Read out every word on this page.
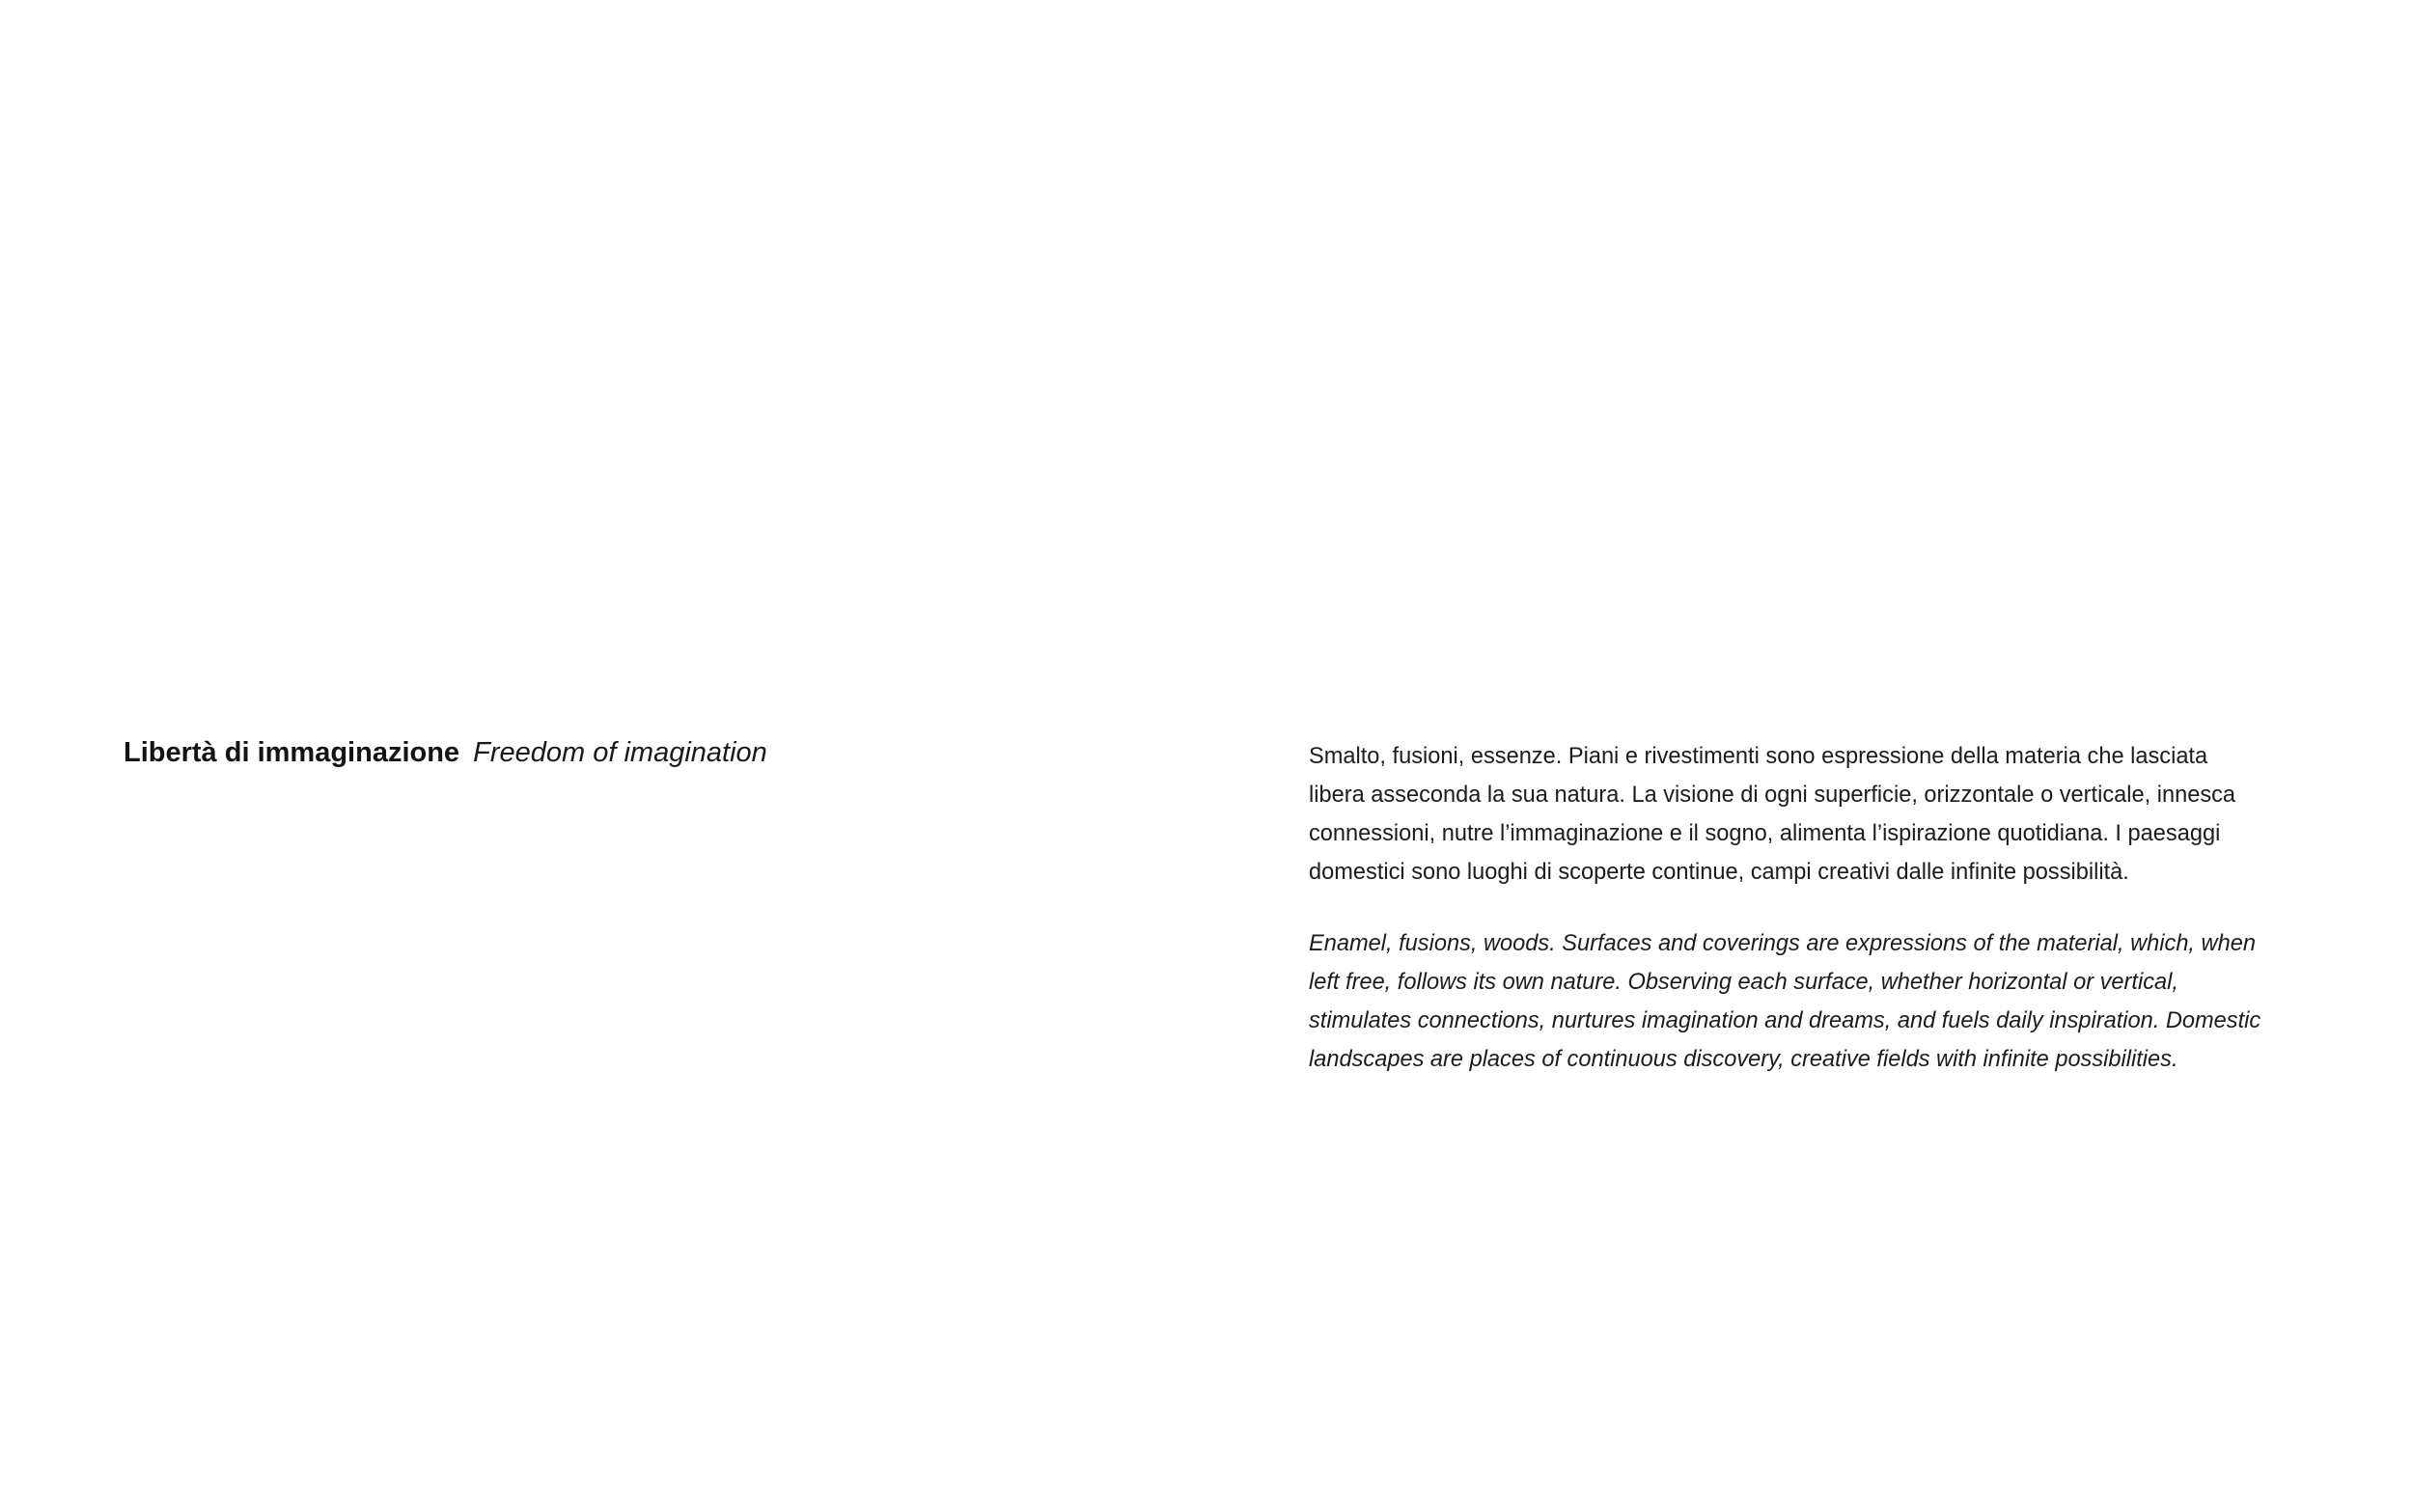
Libertà di immaginazione Freedom of imagination	Smalto, fusioni, essenze. Piani e rivestimenti sono espressione della materia che lasciata libera asseconda la sua natura. La visione di ogni superficie, orizzontale o verticale, innesca connessioni, nutre l’immaginazione e il sogno, alimenta l’ispirazione quotidiana. I paesaggi domestici sono luoghi di scoperte continue, campi creativi dalle infinite possibilità.

Enamel, fusions, woods. Surfaces and coverings are expressions of the material, which, when left free, follows its own nature. Observing each surface, whether horizontal or vertical, stimulates connections, nurtures imagination and dreams, and fuels daily inspiration. Domestic landscapes are places of continuous discovery, creative fields with infinite possibilities.
